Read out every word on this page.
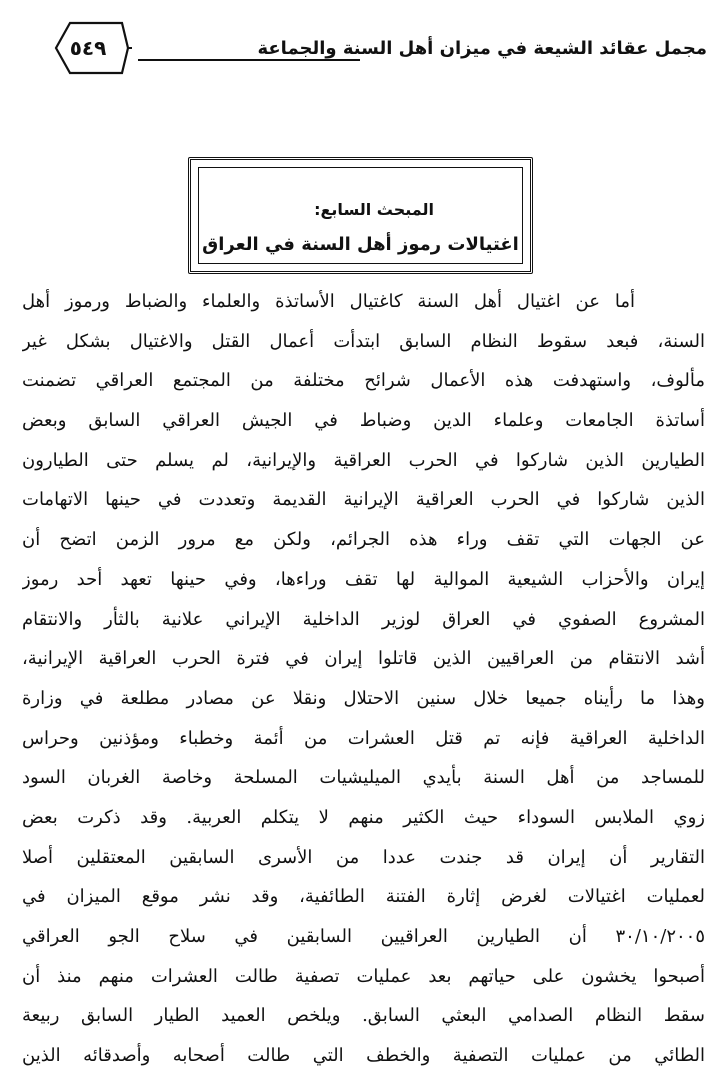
مجمل عقائد الشيعة في ميزان أهل السنة والجماعة
٥٤٩
المبحث السابع:
اغتيالات رموز أهل السنة في العراق
أما عن اغتيال أهل السنة كاغتيال الأساتذة والعلماء والضباط ورموز أهل
السنة، فبعد سقوط النظام السابق ابتدأت أعمال القتل والاغتيال بشكل غير
مألوف، واستهدفت هذه الأعمال شرائح مختلفة من المجتمع العراقي تضمنت
أساتذة الجامعات وعلماء الدين وضباط في الجيش العراقي السابق وبعض
الطيارين الذين شاركوا في الحرب العراقية والإيرانية، لم يسلم حتى الطيارون
الذين شاركوا في الحرب العراقية الإيرانية القديمة وتعددت في حينها الاتهامات
عن الجهات التي تقف وراء هذه الجرائم، ولكن مع مرور الزمن اتضح أن
إيران والأحزاب الشيعية الموالية لها تقف وراءها، وفي حينها تعهد أحد رموز
المشروع الصفوي في العراق لوزير الداخلية الإيراني علانية بالثأر والانتقام
أشد الانتقام من العراقيين الذين قاتلوا إيران في فترة الحرب العراقية الإيرانية،
وهذا ما رأيناه جميعا خلال سنين الاحتلال ونقلا عن مصادر مطلعة في وزارة
الداخلية العراقية فإنه تم قتل العشرات من أئمة وخطباء ومؤذنين وحراس
للمساجد من أهل السنة بأيدي الميليشيات المسلحة وخاصة الغربان السود
زوي الملابس السوداء حيث الكثير منهم لا يتكلم العربية. وقد ذكرت بعض
التقارير أن إيران قد جندت عددا من الأسرى السابقين المعتقلين أصلا
لعمليات اغتيالات لغرض إثارة الفتنة الطائفية، وقد نشر موقع الميزان في
٣٠/١٠/٢٠٠٥ أن الطيارين العراقيين السابقين في سلاح الجو العراقي
أصبحوا يخشون على حياتهم بعد عمليات تصفية طالت العشرات منهم منذ أن
سقط النظام الصدامي البعثي السابق. ويلخص العميد الطيار السابق ربيعة
الطائي من عمليات التصفية والخطف التي طالت أصحابه وأصدقائه الذين
